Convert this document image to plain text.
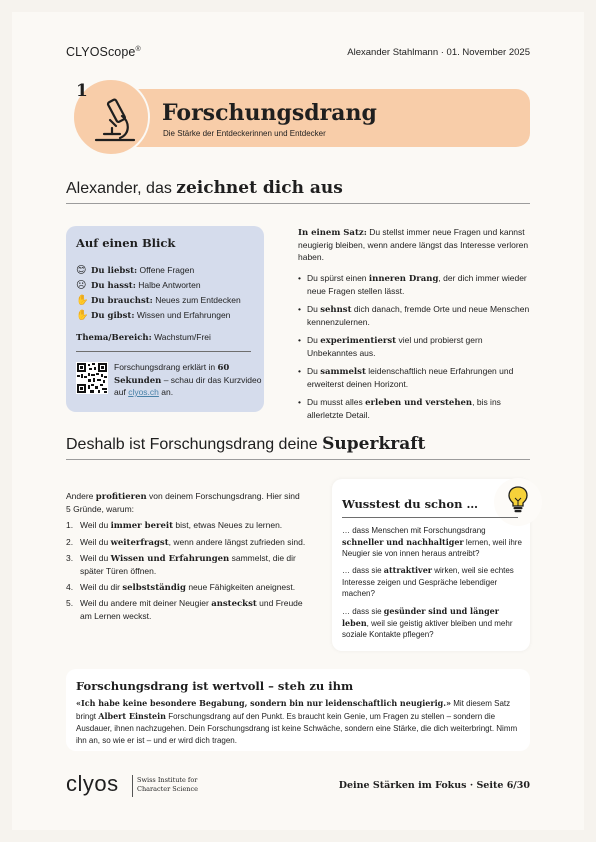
CLYOScope®	Alexander Stahlmann · 01. November 2025
1
Forschungsdrang
Die Stärke der Entdeckerinnen und Entdecker
Alexander, das zeichnet dich aus
Auf einen Blick
😊 Du liebst: Offene Fragen
☹ Du hasst: Halbe Antworten
✋ Du brauchst: Neues zum Entdecken
✋ Du gibst: Wissen und Erfahrungen
Thema/Bereich: Wachstum/Frei
Forschungsdrang erklärt in 60 Sekunden – schau dir das Kurzvideo auf clyos.ch an.
In einem Satz: Du stellst immer neue Fragen und kannst neugierig bleiben, wenn andere längst das Interesse verloren haben.
• Du spürst einen inneren Drang, der dich immer wieder neue Fragen stellen lässt.
• Du sehnst dich danach, fremde Orte und neue Menschen kennenzulernen.
• Du experimentierst viel und probierst gern Unbekanntes aus.
• Du sammelst leidenschaftlich neue Erfahrungen und erweiterst deinen Horizont.
• Du musst alles erleben und verstehen, bis ins allerletzte Detail.
Deshalb ist Forschungsdrang deine Superkraft
Andere profitieren von deinem Forschungsdrang. Hier sind 5 Gründe, warum:
1. Weil du immer bereit bist, etwas Neues zu lernen.
2. Weil du weiterfragst, wenn andere längst zufrieden sind.
3. Weil du Wissen und Erfahrungen sammelst, die dir später Türen öffnen.
4. Weil du dir selbstständig neue Fähigkeiten aneignest.
5. Weil du andere mit deiner Neugier ansteckst und Freude am Lernen weckst.
Wusstest du schon …
… dass Menschen mit Forschungsdrang schneller und nachhaltiger lernen, weil ihre Neugier sie von innen heraus antreibt?
… dass sie attraktiver wirken, weil sie echtes Interesse zeigen und Gespräche lebendiger machen?
… dass sie gesünder sind und länger leben, weil sie geistig aktiver bleiben und mehr soziale Kontakte pflegen?
Forschungsdrang ist wertvoll – steh zu ihm
«Ich habe keine besondere Begabung, sondern bin nur leidenschaftlich neugierig.» Mit diesem Satz bringt Albert Einstein Forschungsdrang auf den Punkt. Es braucht kein Genie, um Fragen zu stellen – sondern die Ausdauer, ihnen nachzugehen. Dein Forschungsdrang ist keine Schwäche, sondern eine Stärke, die dich weiterbringt. Nimm ihn an, so wie er ist – und er wird dich tragen.
clyos	Swiss Institute for
Character Science	Deine Stärken im Fokus · Seite 6/30
